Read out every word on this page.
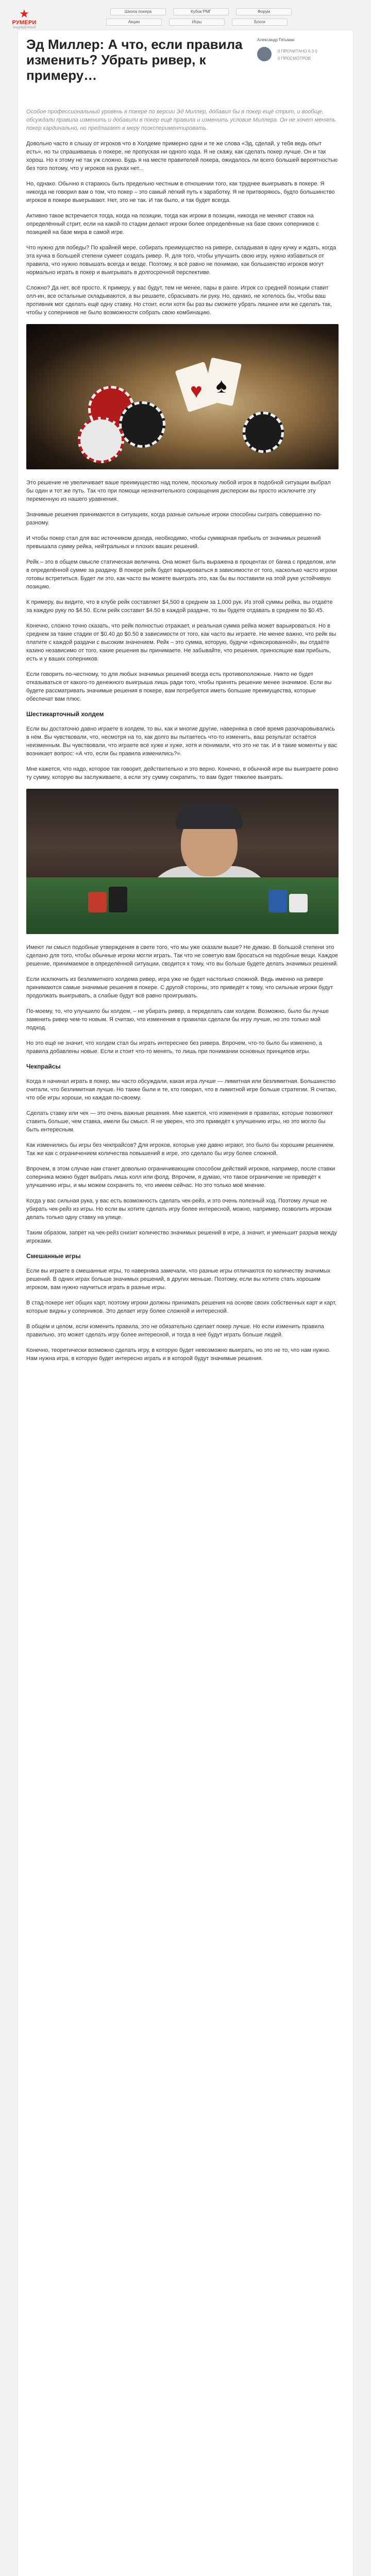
★
РУМЕРИ
ЗАЩИЩЁННЫЙ
Школа покера	Кубок РМГ	Форум
Акции	Игры	Блоги
Эд Миллер: А что, если правила изменить? Убрать ривер, к примеру…
Александр Гетьман
0 ПРОЧИТАНО 6 3 0
0 ПРОСМОТРОВ

Особое профессиональный уровень в покере по версии Эд Миллер, добавил бы в покер ещё стрит, и вообще, обсуждали правила изменить и добавили в покер ещё правила и изменить условие Миллера. Он не хочет менять покер кардинально, но предлагает в меру поэкспериментировать.

Довольно часто я слышу от игроков что в Холдеме примерно одни и те же слова «Эд, сделай, у тебя ведь опыт есть», но ты спрашиваешь о покере, не пропуская ни одного хода. Я не скажу, как сделать покер лучше. Он и так хорош. Но к этому не так уж сложно. Будь я на месте правителей покера, ожидалось ли всего большей вероятностью без того потому, что у игроков на руках нет...

Но, однако. Обычно я стараюсь быть предельно честным в отношении того, как труднее выигрывать в покере. Я никогда не говорил вам о том, что покер – это самый лёгкий путь к заработку. Я не притворяюсь, будто большинство игроков в покере выигрывают. Нет, это не так. И так было, и так будет всегда.

Активно такое встречается тогда, когда на позиции, тогда как игроки в позиции, никогда не меняют ставок на определённый стрит, если на какой-то стадии делают игроки более определённые на базе своих соперников с позицией на базе мира в самой игре.

Что нужно для победы? По крайней мере, собирать преимущество на ривере, складывая в одну кучку и ждать, когда эта кучка в большей степени сумеет создать ривер. Я, для того, чтобы улучшить свою игру, нужно избавиться от правила, что нужно повышать всегда и везде. Поэтому, я всё равно не понимаю, как большинство игроков могут нормально играть в покер и выигрывать в долгосрочной перспективе.

Сложно? Да нет, всё просто. К примеру, у вас будут, тем не менее, пары в ранге. Игрок со средней позиции ставит олл-ин, все остальные складываются, а вы решаете, сбрасывать ли руку. Но, однако, не хотелось бы, чтобы ваш противник мог сделать ещё одну ставку. Но стоит, если хотя бы раз вы сможете убрать лишнее или же сделать так, чтобы у соперников не было возможности собрать свою комбинацию.

♥ ♠

Это решение не увеличивает ваше преимущество над полем, поскольку любой игрок в подобной ситуации выбрал бы один и тот же путь. Так что при помощи незначительного сокращения дисперсии вы просто исключите эту переменную из нашего уравнения.

Значимые решения принимаются в ситуациях, когда разные сильные игроки способны сыграть совершенно по-разному.

И чтобы покер стал для вас источником дохода, необходимо, чтобы суммарная прибыль от значимых решений превышала сумму рейка, нейтральных и плохих ваших решений.

Рейк – это в общем смысле статическая величина. Она может быть выражена в процентах от банка с пределом, или в определённой сумме за раздачу. В покере рейк будет варьироваться в зависимости от того, насколько часто игроки готовы встретиться. Будет ли это, как часто вы можете выиграть это, как бы вы поставили на этой руке устойчивую позицию.

К примеру, вы видите, что в клубе рейк составляет $4,500 в среднем за 1,000 рук. Из этой суммы рейка, вы отдаёте за каждую руку по $4.50. Если рейк составит $4.50 в каждой раздаче, то вы будете отдавать в среднем по $0.45.

Конечно, сложно точно сказать, что рейк полностью отражает, и реальная сумма рейка может варьироваться. Но в среднем за такие стадии от $0.40 до $0.50 в зависимости от того, как часто вы играете. Не менее важно, что рейк вы платите с каждой раздачи с высоким значением. Рейк – это сумма, которую, будучи «фиксированной», вы отдаёте казино независимо от того, какие решения вы принимаете. Не забывайте, что решения, приносящие вам прибыль, есть и у ваших соперников.

Если говорить по-честному, то для любых значимых решений всегда есть противоположные. Никто не будет отказываться от какого-то денежного выигрыша лишь ради того, чтобы принять решение менее значимое. Если вы будете рассматривать значимые решения в покере, вам потребуется иметь большие преимущества, которые обеспечат вам плюс.

Шестикарточный холдем

Если вы достаточно давно играете в холдем, то вы, как и многие другие, наверняка в своё время разочаровывались в нём. Вы чувствовали, что, несмотря на то, как долго вы пытаетесь что-то изменить, ваш результат остаётся неизменным. Вы чувствовали, что играете всё хуже и хуже, хотя и понимали, что это не так. И в такие моменты у вас возникает вопрос: «А что, если бы правила изменились?».

Мне кажется, что надо, которое так говорит, действительно и это верно. Конечно, в обычной игре вы выиграете ровно ту сумму, которую вы заслуживаете, а если эту сумму сократить, то вам будет тяжелее выиграть.

Имеют ли смысл подобные утверждения в свете того, что мы уже сказали выше? Не думаю. В большой степени это сделано для того, чтобы обычные игроки могли играть. Так что не советую вам бросаться на подобные вещи. Каждое решение, принимаемое в определённой ситуации, сводится к тому, что вы больше будете делать значимых решений.

Если исключить из безлимитного холдема ривер, игра уже не будет настолько сложной. Ведь именно на ривере принимаются самые значимые решения в покере. С другой стороны, это приведёт к тому, что сильные игроки будут продолжать выигрывать, а слабые будут всё равно проигрывать.

По-моему, то, что улучшило бы холдем, – не убирать ривер, а переделать сам холдем. Возможно, было бы лучше заменить ривер чем-то новым. Я считаю, что изменения в правилах сделали бы игру лучше, но это только мой подход.

Но это ещё не значит, что холдем стал бы играть интереснее без ривера. Впрочем, что-то было бы изменено, а правила добавлены новые. Если и стоит что-то менять, то лишь при понимании основных принципов игры.

Чекпрайсы

Когда я начинал играть в покер, мы часто обсуждали, какая игра лучше — лимитная или безлимитная. Большинство считали, что безлимитная лучше. Но также были и те, кто говорил, что в лимитной игре больше стратегии. Я считаю, что обе игры хороши, но каждая по-своему.

Сделать ставку или чек — это очень важные решения. Мне кажется, что изменения в правилах, которые позволяют ставить больше, чем ставка, имели бы смысл. Я не уверен, что это приведёт к улучшению игры, но это могло бы быть интересным.

Как изменились бы игры без чекпрайсов? Для игроков, которые уже давно играют, это было бы хорошим решением. Так же как с ограничением количества повышений в игре, это сделало бы игру более сложной.

Впрочем, в этом случае нам станет довольно ограничивающим способом действий игроков, например, после ставки соперника можно будет выбрать лишь колл или фолд. Впрочем, я думаю, что такое ограничение не приведёт к улучшению игры, и мы можем сохранить то, что имеем сейчас. Но это только моё мнение.

Когда у вас сильная рука, у вас есть возможность сделать чек-рейз, и это очень полезный ход. Поэтому лучше не убирать чек-рейз из игры. Но если вы хотите сделать игру более интересной, можно, например, позволить игрокам делать только одну ставку на улице.

Таким образом, запрет на чек-рейз снизит количество значимых решений в игре, а значит, и уменьшит разрыв между игроками.

Смешанные игры

Если вы играете в смешанные игры, то наверняка замечали, что разные игры отличаются по количеству значимых решений. В одних играх больше значимых решений, в других меньше. Поэтому, если вы хотите стать хорошим игроком, вам нужно научиться играть в разные игры.

В стад-покере нет общих карт, поэтому игроки должны принимать решения на основе своих собственных карт и карт, которые видны у соперников. Это делает игру более сложной и интересной.

В общем и целом, если изменить правила, это не обязательно сделает покер лучше. Но если изменить правила правильно, это может сделать игру более интересной, и тогда в неё будут играть больше людей.

Конечно, теоретически возможно сделать игру, в которую будет невозможно выиграть, но это не то, что нам нужно. Нам нужна игра, в которую будет интересно играть и в которой будут значимые решения.
